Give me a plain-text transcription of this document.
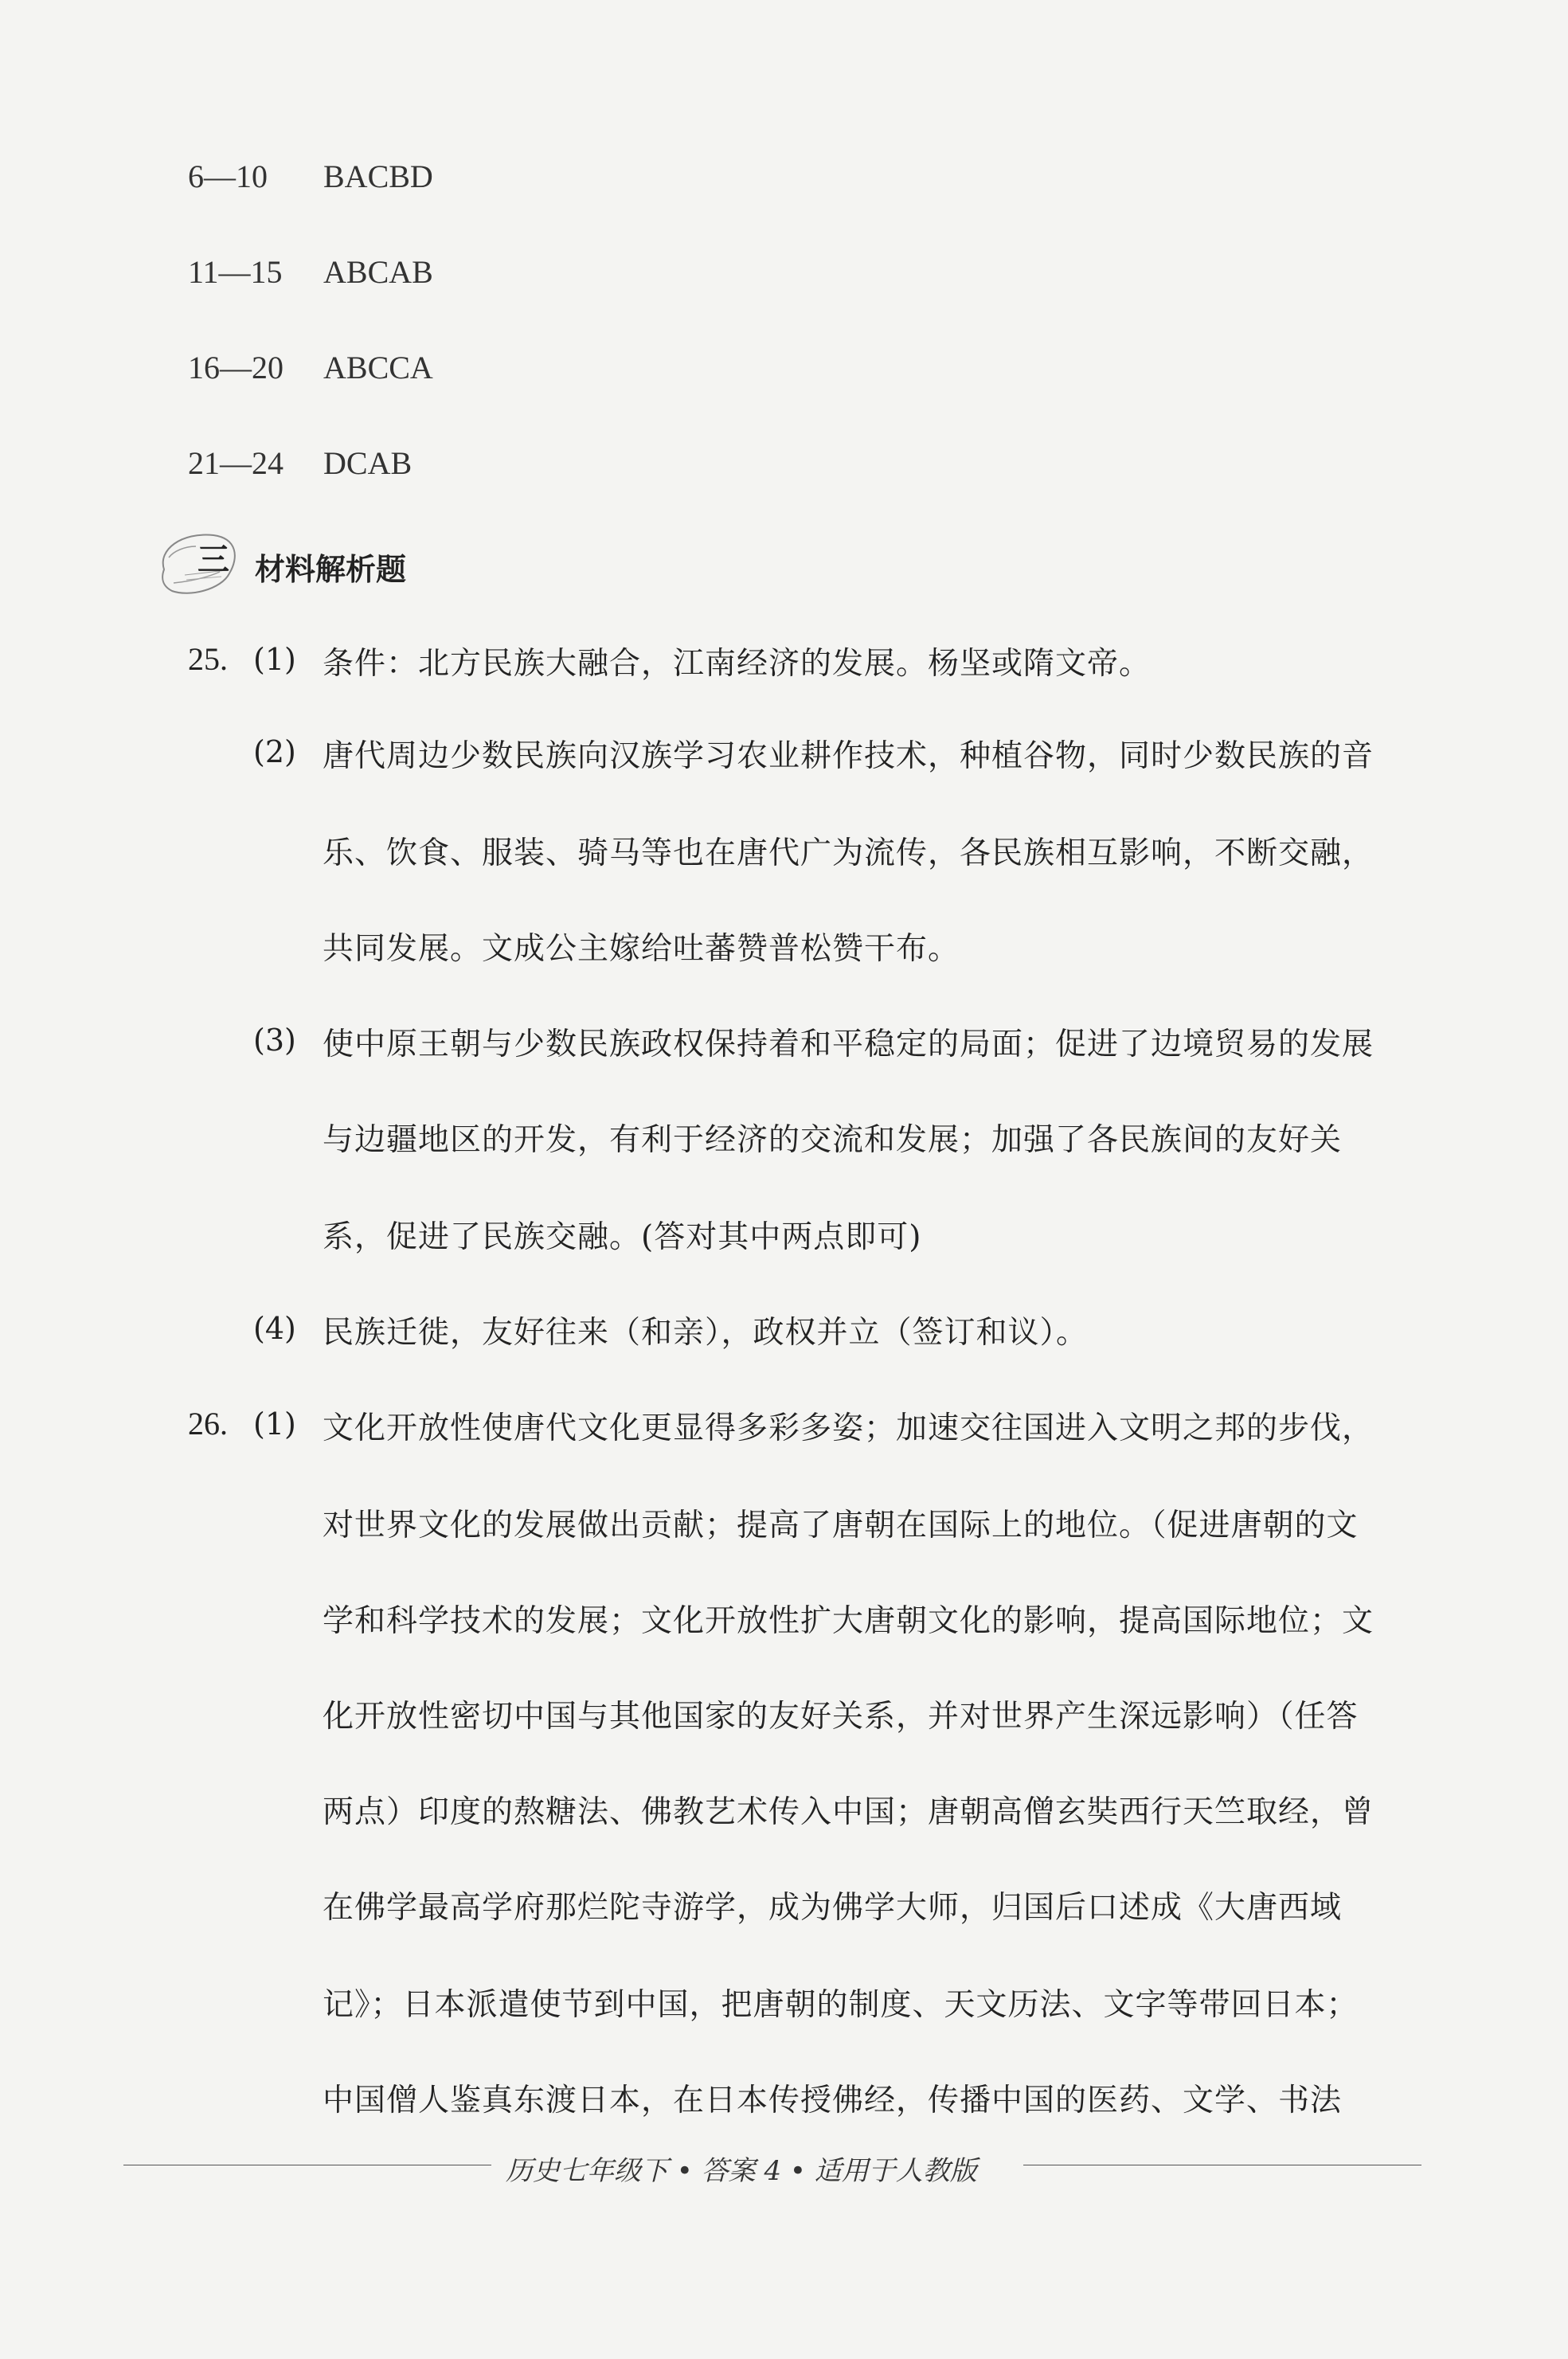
6—10 BACBD
11—15 ABCAB
16—20 ABCCA
21—24 DCAB
三 材料解析题
25. (1) 条件：北方民族大融合，江南经济的发展。杨坚或隋文帝。
(2) 唐代周边少数民族向汉族学习农业耕作技术，种植谷物，同时少数民族的音
乐、饮食、服装、骑马等也在唐代广为流传，各民族相互影响，不断交融，
共同发展。文成公主嫁给吐蕃赞普松赞干布。
(3) 使中原王朝与少数民族政权保持着和平稳定的局面；促进了边境贸易的发展
与边疆地区的开发，有利于经济的交流和发展；加强了各民族间的友好关
系，促进了民族交融。(答对其中两点即可)
(4) 民族迁徙，友好往来（和亲），政权并立（签订和议）。
26. (1) 文化开放性使唐代文化更显得多彩多姿；加速交往国进入文明之邦的步伐，
对世界文化的发展做出贡献；提高了唐朝在国际上的地位。（促进唐朝的文
学和科学技术的发展；文化开放性扩大唐朝文化的影响，提高国际地位；文
化开放性密切中国与其他国家的友好关系，并对世界产生深远影响）（任答
两点）印度的熬糖法、佛教艺术传入中国；唐朝高僧玄奘西行天竺取经，曾
在佛学最高学府那烂陀寺游学，成为佛学大师，归国后口述成《大唐西域
记》；日本派遣使节到中国，把唐朝的制度、天文历法、文字等带回日本；
中国僧人鉴真东渡日本，在日本传授佛经，传播中国的医药、文学、书法
历史七年级下 • 答案 4 • 适用于人教版
